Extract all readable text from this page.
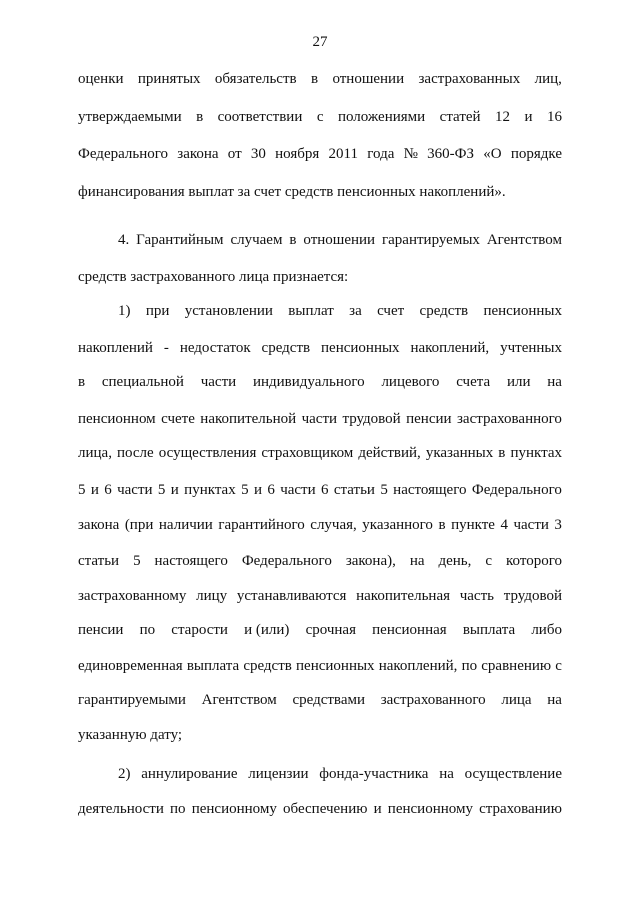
27
оценки принятых обязательств в отношении застрахованных лиц,
утверждаемыми в соответствии с положениями статей 12 и 16
Федерального закона от 30 ноября 2011 года № 360-ФЗ «О порядке
финансирования выплат за счет средств пенсионных накоплений».
4. Гарантийным случаем в отношении гарантируемых Агентством
средств застрахованного лица признается:
1) при установлении выплат за счет средств пенсионных
накоплений - недостаток средств пенсионных накоплений, учтенных
в специальной части индивидуального лицевого счета или на
пенсионном счете накопительной части трудовой пенсии застрахованного
лица, после осуществления страховщиком действий, указанных в пунктах
5 и 6 части 5 и пунктах 5 и 6 части 6 статьи 5 настоящего Федерального
закона (при наличии гарантийного случая, указанного в пункте 4 части 3
статьи 5 настоящего Федерального закона), на день, с которого
застрахованному лицу устанавливаются накопительная часть трудовой
пенсии по старости и (или) срочная пенсионная выплата либо
единовременная выплата средств пенсионных накоплений, по сравнению с
гарантируемыми Агентством средствами застрахованного лица на
указанную дату;
2) аннулирование лицензии фонда-участника на осуществление
деятельности по пенсионному обеспечению и пенсионному страхованию
